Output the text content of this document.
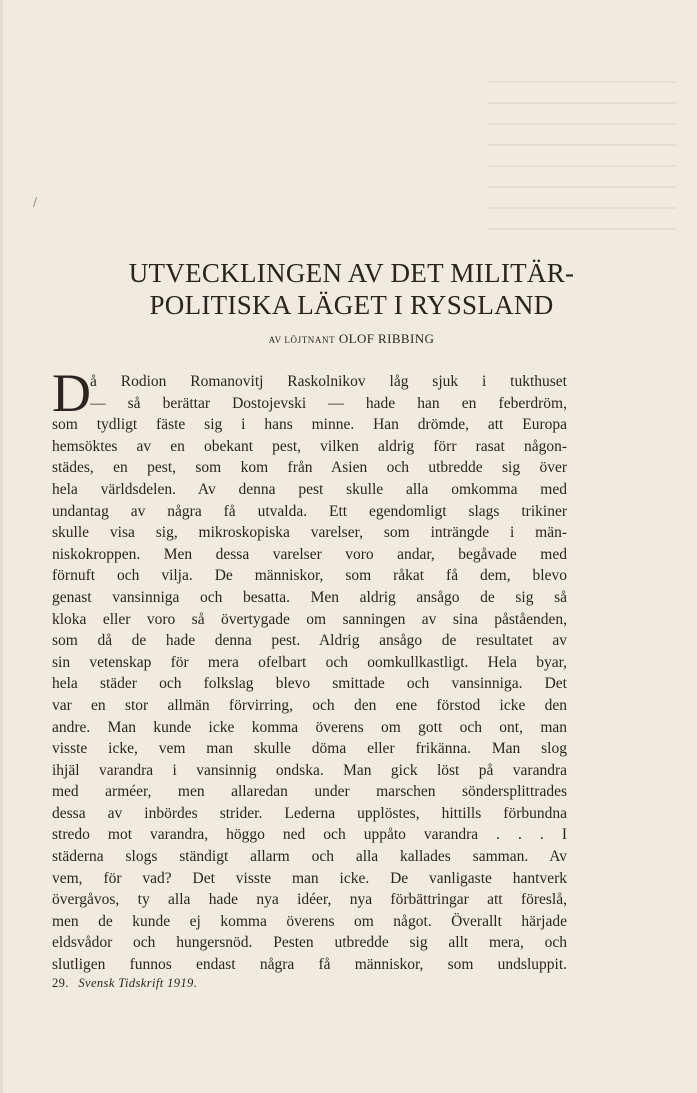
/
UTVECKLINGEN AV DET MILITÄR-
POLITISKA LÄGET I RYSSLAND
AV LÖJTNANT OLOF RIBBING
D å Rodion Romanovitj Raskolnikov låg sjuk i tukthuset
— så berättar Dostojevski — hade han en feberdröm,
som tydligt fäste sig i hans minne. Han drömde, att Europa
hemsöktes av en obekant pest, vilken aldrig förr rasat någon-
städes, en pest, som kom från Asien och utbredde sig över
hela världsdelen. Av denna pest skulle alla omkomma med
undantag av några få utvalda. Ett egendomligt slags trikiner
skulle visa sig, mikroskopiska varelser, som inträngde i män-
niskokroppen. Men dessa varelser voro andar, begåvade med
förnuft och vilja. De människor, som råkat få dem, blevo
genast vansinniga och besatta. Men aldrig ansågo de sig så
kloka eller voro så övertygade om sanningen av sina påståenden,
som då de hade denna pest. Aldrig ansågo de resultatet av
sin vetenskap för mera ofelbart och oomkullkastligt. Hela byar,
hela städer och folkslag blevo smittade och vansinniga. Det
var en stor allmän förvirring, och den ene förstod icke den
andre. Man kunde icke komma överens om gott och ont, man
visste icke, vem man skulle döma eller frikänna. Man slog
ihjäl varandra i vansinnig ondska. Man gick löst på varandra
med arméer, men allaredan under marschen söndersplittrades
dessa av inbördes strider. Lederna upplöstes, hittills förbundna
stredo mot varandra, höggo ned och uppåto varandra . . . I
städerna slogs ständigt allarm och alla kallades samman. Av
vem, för vad? Det visste man icke. De vanligaste hantverk
övergåvos, ty alla hade nya idéer, nya förbättringar att föreslå,
men de kunde ej komma överens om något. Överallt härjade
eldsvådor och hungersnöd. Pesten utbredde sig allt mera, och
slutligen funnos endast några få människor, som undsluppit.
29. Svensk Tidskrift 1919.
